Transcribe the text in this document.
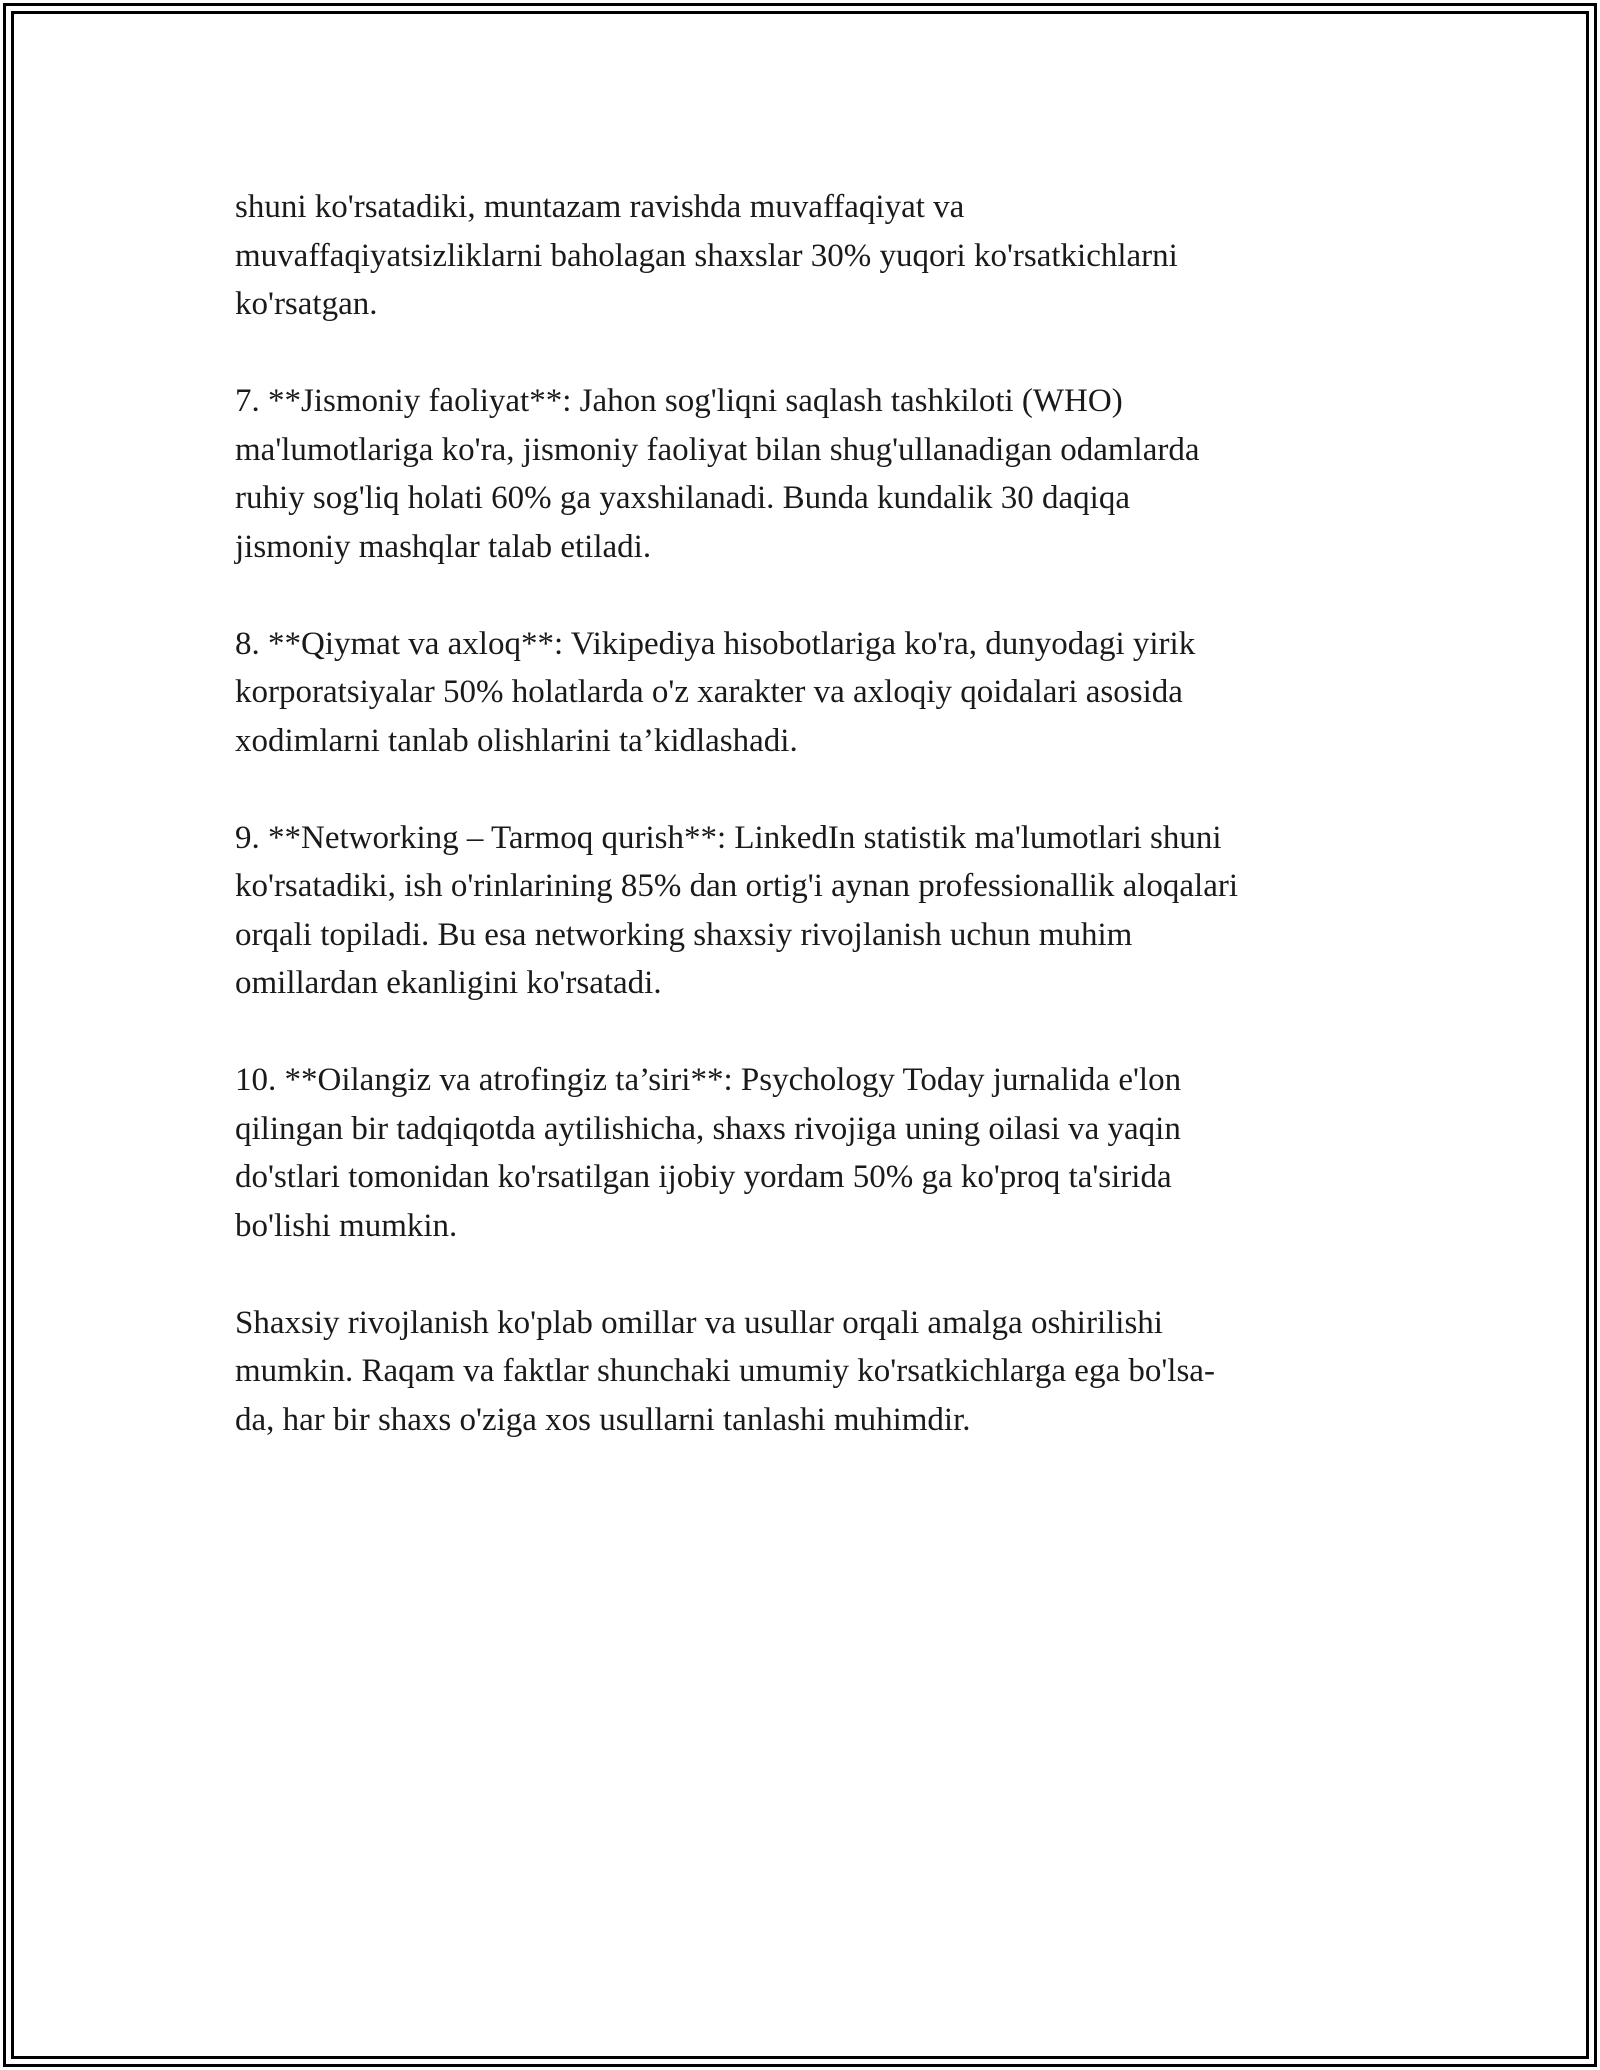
shuni ko'rsatadiki, muntazam ravishda muvaffaqiyat va
muvaffaqiyatsizliklarni baholagan shaxslar 30% yuqori ko'rsatkichlarni
ko'rsatgan.

7. **Jismoniy faoliyat**: Jahon sog'liqni saqlash tashkiloti (WHO)
ma'lumotlariga ko'ra, jismoniy faoliyat bilan shug'ullanadigan odamlarda
ruhiy sog'liq holati 60% ga yaxshilanadi. Bunda kundalik 30 daqiqa
jismoniy mashqlar talab etiladi.

8. **Qiymat va axloq**: Vikipediya hisobotlariga ko'ra, dunyodagi yirik
korporatsiyalar 50% holatlarda o'z xarakter va axloqiy qoidalari asosida
xodimlarni tanlab olishlarini ta’kidlashadi.

9. **Networking – Tarmoq qurish**: LinkedIn statistik ma'lumotlari shuni
ko'rsatadiki, ish o'rinlarining 85% dan ortig'i aynan professionallik aloqalari
orqali topiladi. Bu esa networking shaxsiy rivojlanish uchun muhim
omillardan ekanligini ko'rsatadi.

10. **Oilangiz va atrofingiz ta’siri**: Psychology Today jurnalida e'lon
qilingan bir tadqiqotda aytilishicha, shaxs rivojiga uning oilasi va yaqin
do'stlari tomonidan ko'rsatilgan ijobiy yordam 50% ga ko'proq ta'sirida
bo'lishi mumkin.

Shaxsiy rivojlanish ko'plab omillar va usullar orqali amalga oshirilishi
mumkin. Raqam va faktlar shunchaki umumiy ko'rsatkichlarga ega bo'lsa-
da, har bir shaxs o'ziga xos usullarni tanlashi muhimdir.
